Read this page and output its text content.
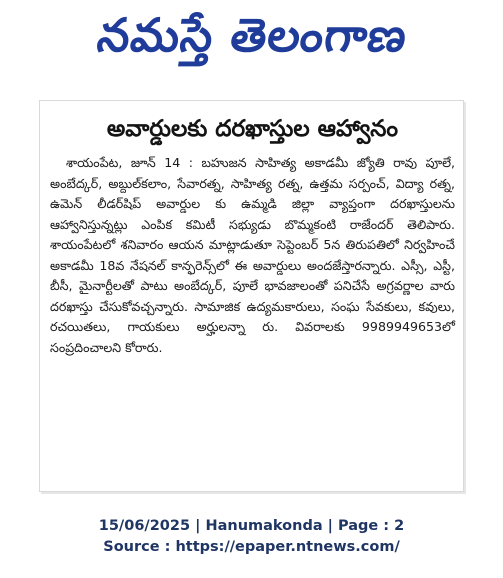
నమస్తే తెలంగాణ
అవార్డులకు దరఖాస్తుల ఆహ్వానం

శాయంపేట, జూన్ 14 : బహుజన సాహిత్య అకాడమీ జ్యోతి రావు పూలే, అంబేద్కర్, అబ్దుల్‌కలాం, సేవారత్న, సాహిత్య రత్న, ఉత్తమ సర్పంచ్, విద్యా రత్న, ఉమెన్ లీడర్‌షిప్ అవార్డుల కు ఉమ్మడి జిల్లా వ్యాప్తంగా దరఖాస్తులను ఆహ్వానిస్తున్నట్లు ఎంపిక కమిటీ సభ్యుడు బొమ్మకంటి రాజేందర్ తెలిపారు. శాయంపేటలో శనివారం ఆయన మాట్లాడుతూ సెప్టెంబర్ 5న తిరుపతిలో నిర్వహించే అకాడమీ 18వ నేషనల్ కాన్ఫరెన్స్‌లో ఈ అవార్డులు అందజేస్తారన్నారు. ఎస్సీ, ఎస్టీ, బీసీ, మైనార్టీలతో పాటు అంబేద్కర్, పూలే భావజాలంతో పనిచేసే అగ్రవర్ణాల వారు దరఖాస్తు చేసుకోవచ్చన్నారు. సామాజిక ఉద్యమకారులు, సంఘ సేవకులు, కవులు, రచయితలు, గాయకులు అర్హులన్నా రు. వివరాలకు 9989949653లో సంప్రదించాలని కోరారు.

15/06/2025 | Hanumakonda | Page : 2
Source : https://epaper.ntnews.com/
